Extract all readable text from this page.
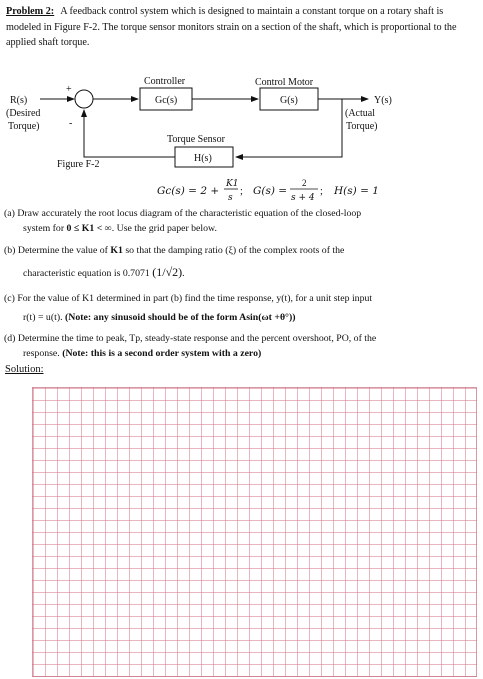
Problem 2: A feedback control system which is designed to maintain a constant torque on a rotary shaft is modeled in Figure F-2. The torque sensor monitors strain on a section of the shaft, which is proportional to the applied shaft torque.
R(s)
(Desired
Torque)
+
-
Controller
Gc(s)
Control Motor
G(s)	Y(s)
(Actual
Torque)
Torque Sensor
H(s)
Figure F-2
Gc(s) = 2 +
K1
s
; G(s) =
2
s + 4
; H(s) = 1
(a) Draw accurately the root locus diagram of the characteristic equation of the closed-loop
system for 0 ≤ K1 < ∞. Use the grid paper below.
(b) Determine the value of K1 so that the damping ratio (ξ) of the complex roots of the
characteristic equation is 0.7071 (1/√2).
(c) For the value of K1 determined in part (b) find the time response, y(t), for a unit step input
r(t) = u(t). (Note: any sinusoid should be of the form Asin(ωt +θ°))
(d) Determine the time to peak, Tp, steady-state response and the percent overshoot, PO, of the
response. (Note: this is a second order system with a zero)
Solution:
